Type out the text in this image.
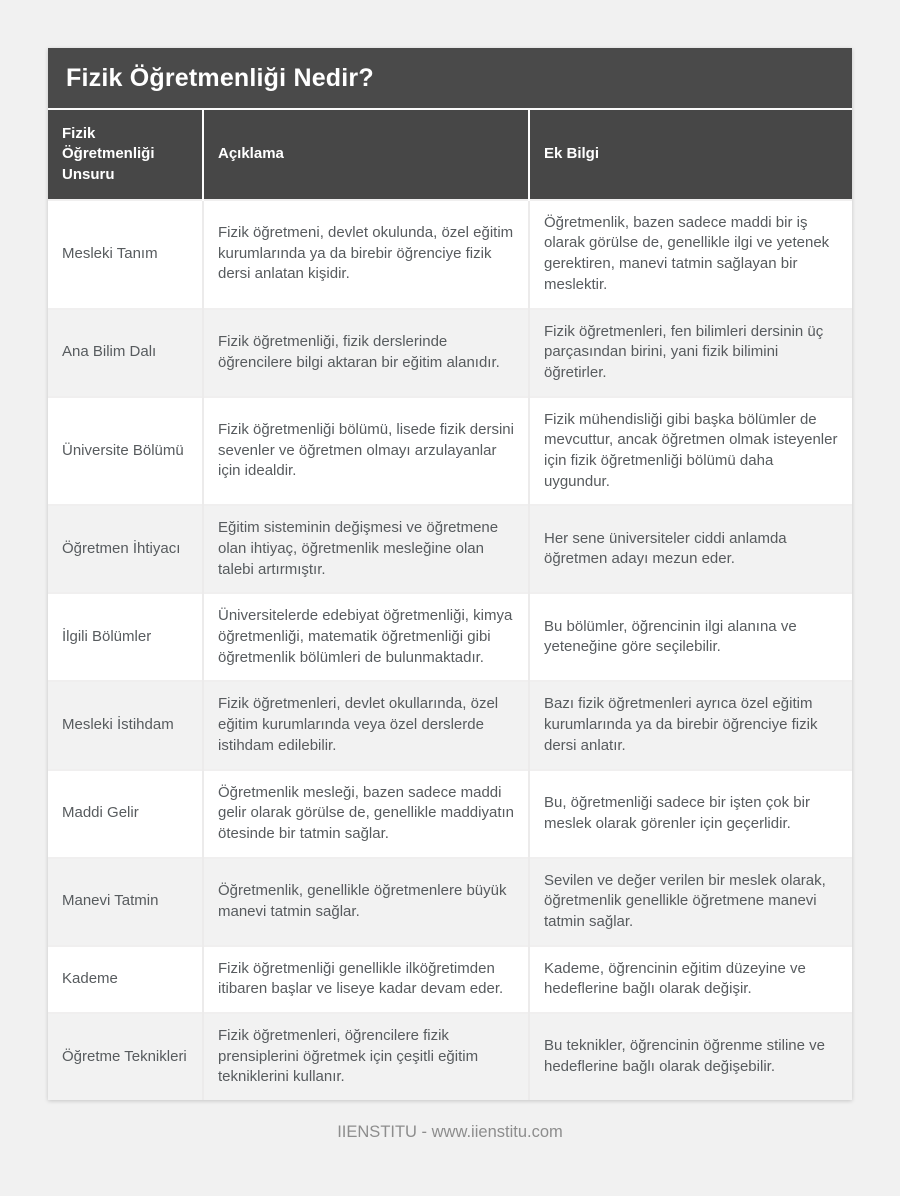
Fizik Öğretmenliği Nedir?
Fizik Öğretmenliği Unsuru	Açıklama	Ek Bilgi
Mesleki Tanım	Fizik öğretmeni, devlet okulunda, özel eğitim kurumlarında ya da birebir öğrenciye fizik dersi anlatan kişidir.	Öğretmenlik, bazen sadece maddi bir iş olarak görülse de, genellikle ilgi ve yetenek gerektiren, manevi tatmin sağlayan bir meslektir.
Ana Bilim Dalı	Fizik öğretmenliği, fizik derslerinde öğrencilere bilgi aktaran bir eğitim alanıdır.	Fizik öğretmenleri, fen bilimleri dersinin üç parçasından birini, yani fizik bilimini öğretirler.
Üniversite Bölümü	Fizik öğretmenliği bölümü, lisede fizik dersini sevenler ve öğretmen olmayı arzulayanlar için idealdir.	Fizik mühendisliği gibi başka bölümler de mevcuttur, ancak öğretmen olmak isteyenler için fizik öğretmenliği bölümü daha uygundur.
Öğretmen İhtiyacı	Eğitim sisteminin değişmesi ve öğretmene olan ihtiyaç, öğretmenlik mesleğine olan talebi artırmıştır.	Her sene üniversiteler ciddi anlamda öğretmen adayı mezun eder.
İlgili Bölümler	Üniversitelerde edebiyat öğretmenliği, kimya öğretmenliği, matematik öğretmenliği gibi öğretmenlik bölümleri de bulunmaktadır.	Bu bölümler, öğrencinin ilgi alanına ve yeteneğine göre seçilebilir.
Mesleki İstihdam	Fizik öğretmenleri, devlet okullarında, özel eğitim kurumlarında veya özel derslerde istihdam edilebilir.	Bazı fizik öğretmenleri ayrıca özel eğitim kurumlarında ya da birebir öğrenciye fizik dersi anlatır.
Maddi Gelir	Öğretmenlik mesleği, bazen sadece maddi gelir olarak görülse de, genellikle maddiyatın ötesinde bir tatmin sağlar.	Bu, öğretmenliği sadece bir işten çok bir meslek olarak görenler için geçerlidir.
Manevi Tatmin	Öğretmenlik, genellikle öğretmenlere büyük manevi tatmin sağlar.	Sevilen ve değer verilen bir meslek olarak, öğretmenlik genellikle öğretmene manevi tatmin sağlar.
Kademe	Fizik öğretmenliği genellikle ilköğretimden itibaren başlar ve liseye kadar devam eder.	Kademe, öğrencinin eğitim düzeyine ve hedeflerine bağlı olarak değişir.
Öğretme Teknikleri	Fizik öğretmenleri, öğrencilere fizik prensiplerini öğretmek için çeşitli eğitim tekniklerini kullanır.	Bu teknikler, öğrencinin öğrenme stiline ve hedeflerine bağlı olarak değişebilir.
IIENSTITU - www.iienstitu.com
